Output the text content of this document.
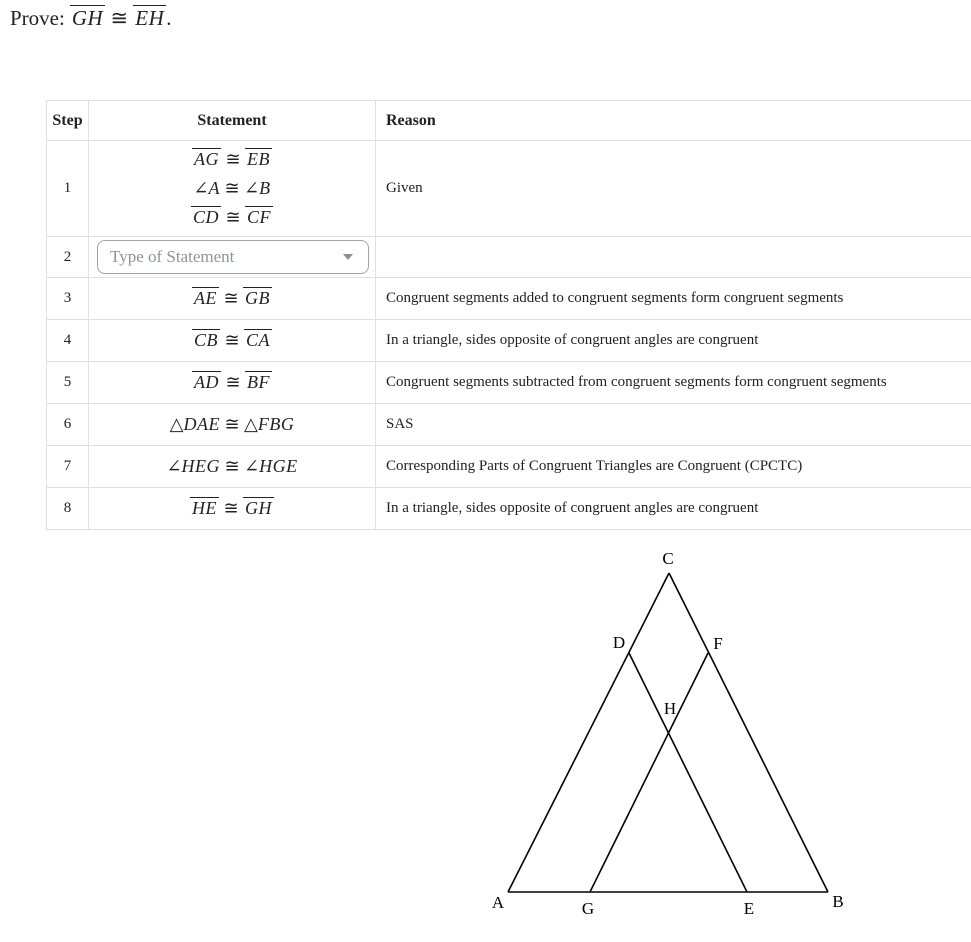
Prove: GH ≅ EH.
Step	Statement	Reason
1	AG ≅ EB
∠A ≅ ∠B
CD ≅ CF	Given
2	Type of Statement	

3	AE ≅ GB	Congruent segments added to congruent segments form congruent segments
4	CB ≅ CA	In a triangle, sides opposite of congruent angles are congruent
5	AD ≅ BF	Congruent segments subtracted from congruent segments form congruent segments
6	△DAE ≅ △FBG	SAS
7	∠HEG ≅ ∠HGE	Corresponding Parts of Congruent Triangles are Congruent (CPCTC)
8	HE ≅ GH	In a triangle, sides opposite of congruent angles are congruent
C
D	F
H
A	G	E	B
